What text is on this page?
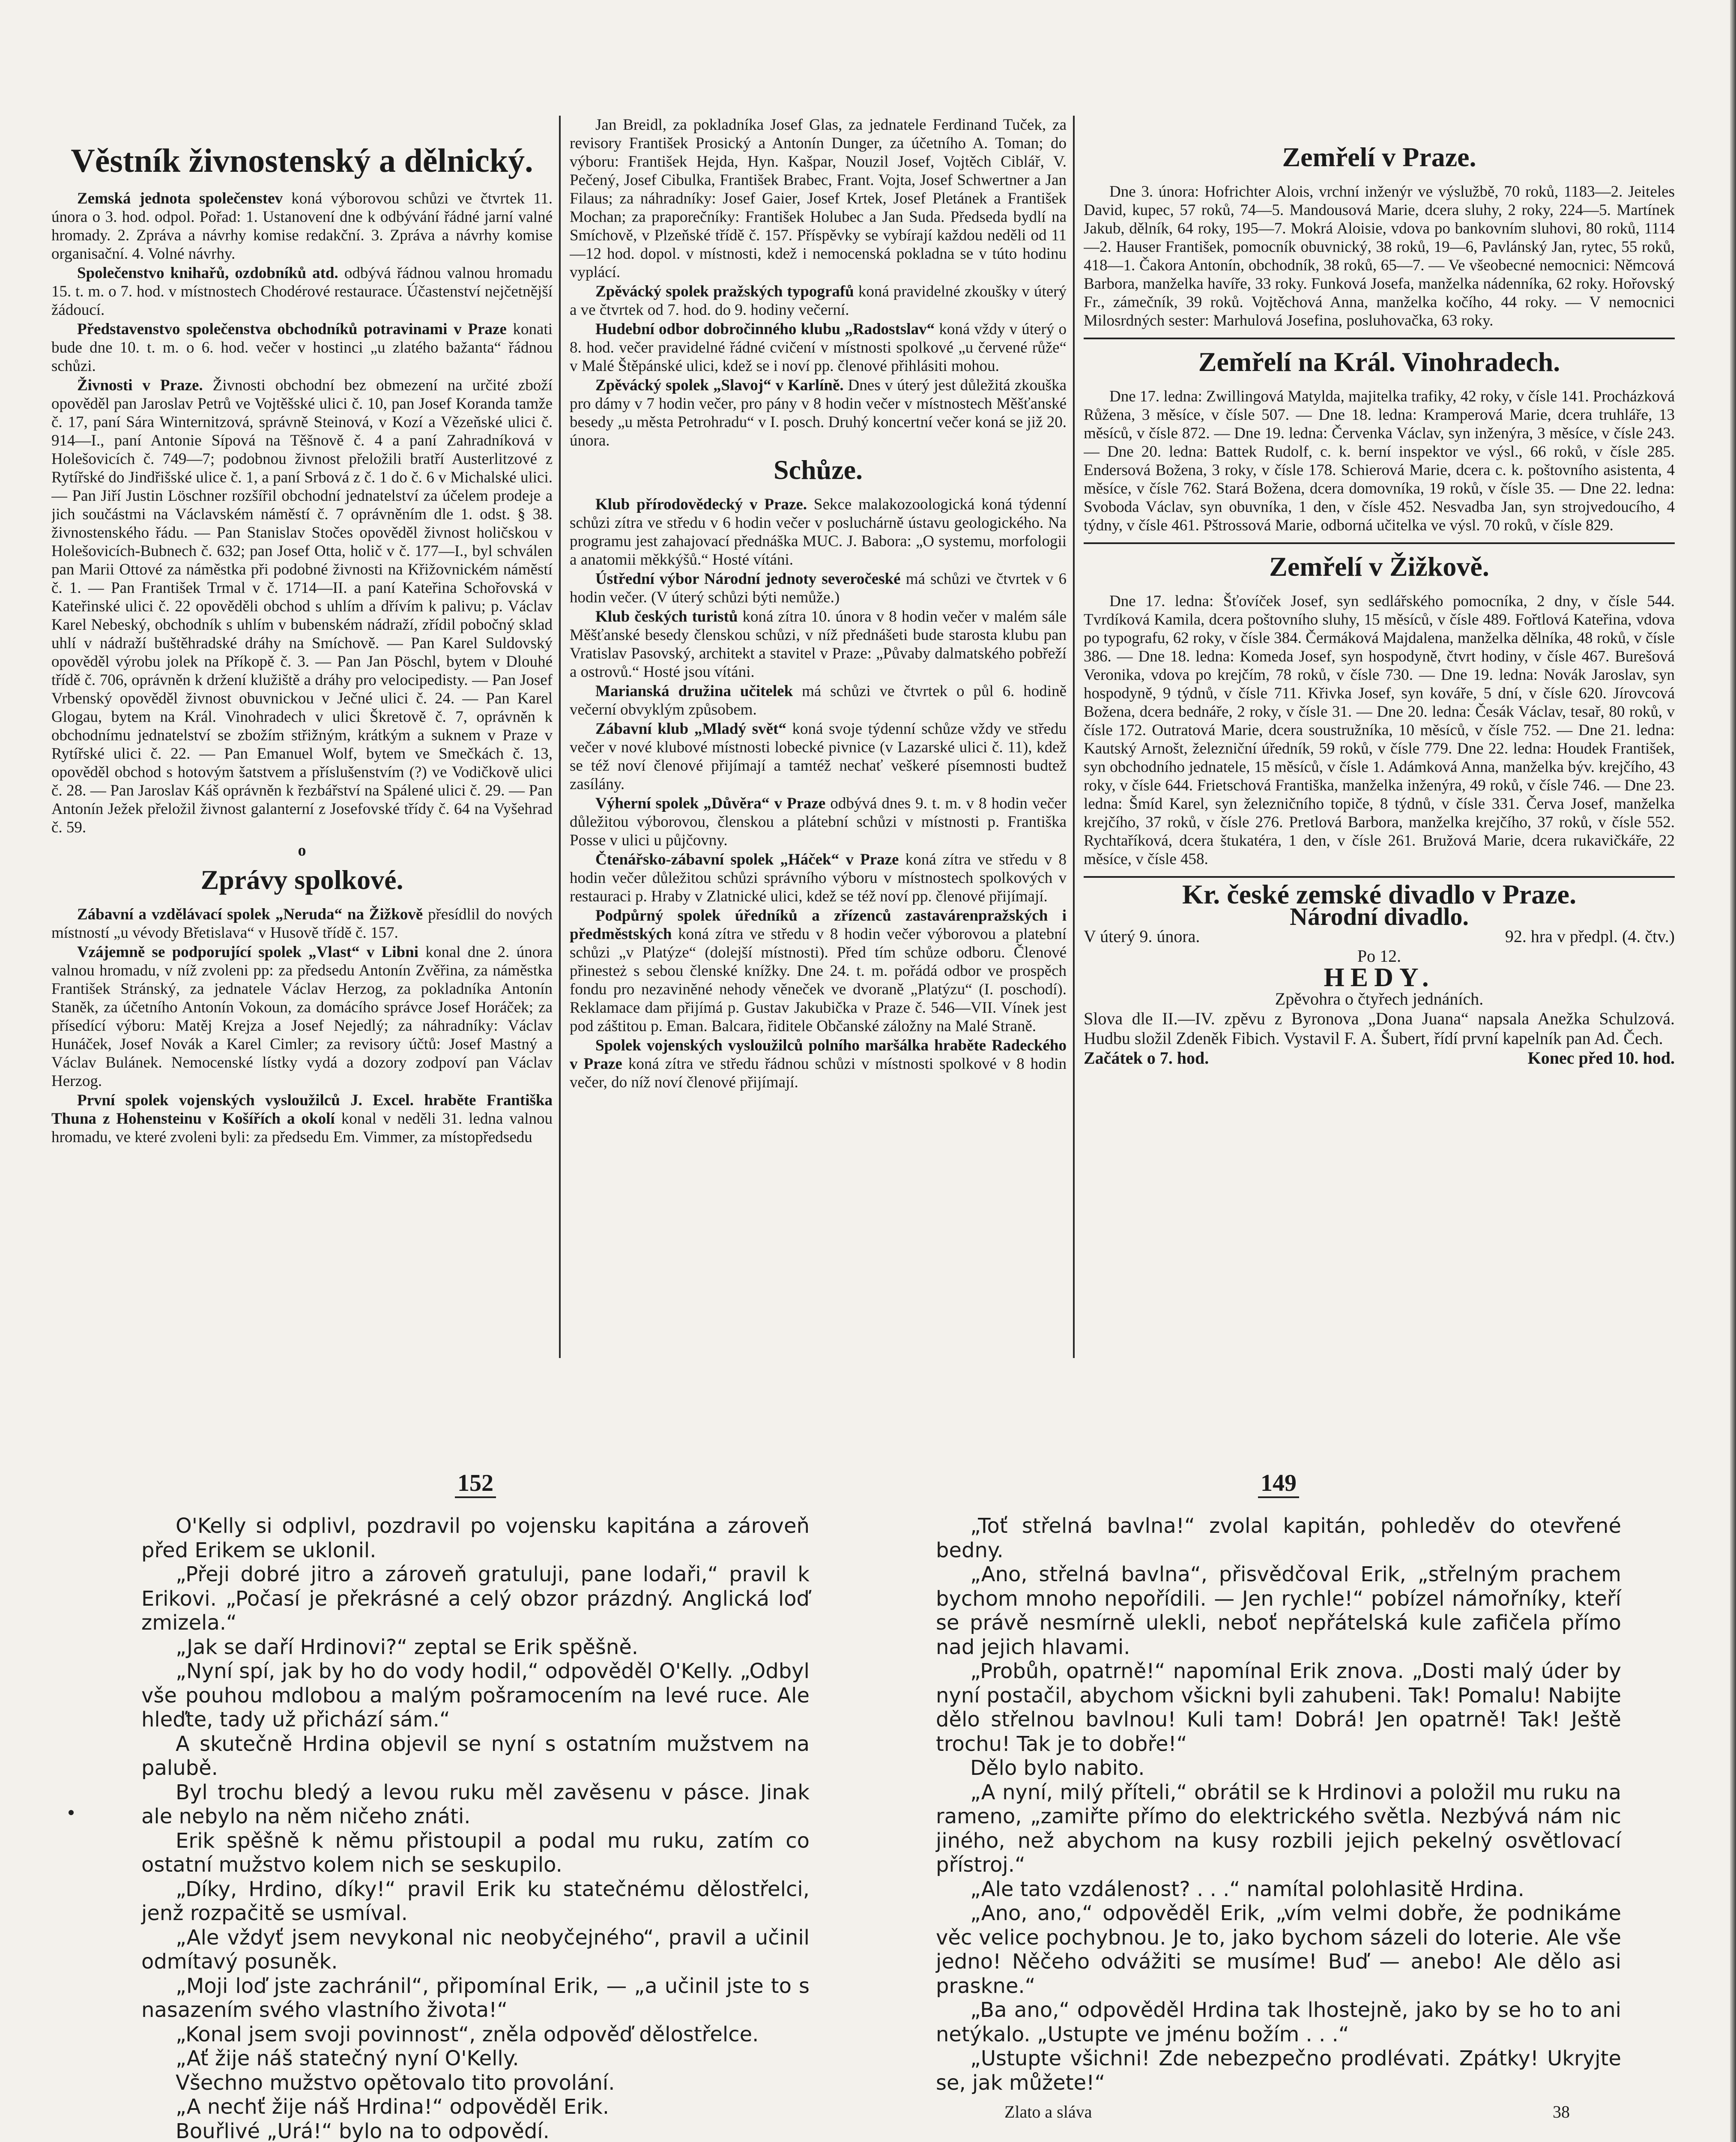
Věstník živnostenský a dělnický.

Zemská jednota společenstev koná výborovou schůzi ve čtvrtek 11. února o 3. hod. odpol. Pořad: 1. Ustanovení dne k odbývání řádné jarní valné hromady. 2. Zpráva a návrhy komise redakční. 3. Zpráva a návrhy komise organisační. 4. Volné návrhy.

Společenstvo knihařů, ozdobníků atd. odbývá řádnou valnou hromadu 15. t. m. o 7. hod. v místnostech Chodérové restaurace. Účastenství nejčetnější žádoucí.

Představenstvo společenstva obchodníků potravinami v Praze konati bude dne 10. t. m. o 6. hod. večer v hostinci „u zlatého bažanta“ řádnou schůzi.

Živnosti v Praze. Živnosti obchodní bez obmezení na určité zboží opověděl pan Jaroslav Petrů ve Vojtěšské ulici č. 10, pan Josef Koranda tamže č. 17, paní Sára Winternitzová, správně Steinová, v Kozí a Vězeňské ulici č. 914—I., paní Antonie Sípová na Těšnově č. 4 a paní Zahradníková v Holešovicích č. 749—7; podobnou živnost přeložili bratří Austerlitzové z Rytířské do Jindřišské ulice č. 1, a paní Srbová z č. 1 do č. 6 v Michalské ulici. — Pan Jiří Justin Löschner rozšířil obchodní jednatelství za účelem prodeje a jich součástmi na Václavském náměstí č. 7 oprávněním dle 1. odst. § 38. živnostenského řádu. — Pan Stanislav Stočes opověděl živnost holičskou v Holešovicích-Bubnech č. 632; pan Josef Otta, holič v č. 177—I., byl schválen pan Marii Ottové za náměstka při podobné živnosti na Křižovnickém náměstí č. 1. — Pan František Trmal v č. 1714—II. a paní Kateřina Schořovská v Kateřinské ulici č. 22 opověděli obchod s uhlím a dřívím k palivu; p. Václav Karel Nebeský, obchodník s uhlím v bubenském nádraží, zřídil pobočný sklad uhlí v nádraží buštěhradské dráhy na Smíchově. — Pan Karel Suldovský opověděl výrobu jolek na Příkopě č. 3. — Pan Jan Pöschl, bytem v Dlouhé třídě č. 706, oprávněn k držení klužiště a dráhy pro velocipedisty. — Pan Josef Vrbenský opověděl živnost obuvnickou v Ječné ulici č. 24. — Pan Karel Glogau, bytem na Král. Vinohradech v ulici Škretově č. 7, oprávněn k obchodnímu jednatelství se zbožím střižným, krátkým a suknem v Praze v Rytířské ulici č. 22. — Pan Emanuel Wolf, bytem ve Smečkách č. 13, opověděl obchod s hotovým šatstvem a příslušenstvím (?) ve Vodičkově ulici č. 28. — Pan Jaroslav Káš oprávněn k řezbářství na Spálené ulici č. 29. — Pan Antonín Ježek přeložil živnost galanterní z Josefovské třídy č. 64 na Vyšehrad č. 59.

o
Zprávy spolkové.

Zábavní a vzdělávací spolek „Neruda“ na Žižkově přesídlil do nových místností „u vévody Břetislava“ v Husově třídě č. 157.

Vzájemně se podporující spolek „Vlast“ v Libni konal dne 2. února valnou hromadu, v níž zvoleni pp: za předsedu Antonín Zvěřina, za náměstka František Stránský, za jednatele Václav Herzog, za pokladníka Antonín Staněk, za účetního Antonín Vokoun, za domácího správce Josef Horáček; za přísedící výboru: Matěj Krejza a Josef Nejedlý; za náhradníky: Václav Hunáček, Josef Novák a Karel Cimler; za revisory účtů: Josef Mastný a Václav Bulánek. Nemocenské lístky vydá a dozory zodpoví pan Václav Herzog.

První spolek vojenských vysloužilců J. Excel. hraběte Františka Thuna z Hohensteinu v Košířích a okolí konal v neděli 31. ledna valnou hromadu, ve které zvoleni byli: za předsedu Em. Vimmer, za místopředsedu

Jan Breidl, za pokladníka Josef Glas, za jednatele Ferdinand Tuček, za revisory František Prosický a Antonín Dunger, za účetního A. Toman; do výboru: František Hejda, Hyn. Kašpar, Nouzil Josef, Vojtěch Ciblář, V. Pečený, Josef Cibulka, František Brabec, Frant. Vojta, Josef Schwertner a Jan Filaus; za náhradníky: Josef Gaier, Josef Krtek, Josef Pletánek a František Mochan; za praporečníky: František Holubec a Jan Suda. Předseda bydlí na Smíchově, v Plzeňské třídě č. 157. Příspěvky se vybírají každou neděli od 11—12 hod. dopol. v místnosti, kdež i nemocenská pokladna se v túto hodinu vyplácí.

Zpěvácký spolek pražských typografů koná pravidelné zkoušky v úterý a ve čtvrtek od 7. hod. do 9. hodiny večerní.

Hudební odbor dobročinného klubu „Radostslav“ koná vždy v úterý o 8. hod. večer pravidelné řádné cvičení v místnosti spolkové „u červené růže“ v Malé Štěpánské ulici, kdež se i noví pp. členové přihlásiti mohou.

Zpěvácký spolek „Slavoj“ v Karlíně. Dnes v úterý jest důležitá zkouška pro dámy v 7 hodin večer, pro pány v 8 hodin večer v místnostech Měšťanské besedy „u města Petrohradu“ v I. posch. Druhý koncertní večer koná se již 20. února.

Schůze.

Klub přírodovědecký v Praze. Sekce malakozoologická koná týdenní schůzi zítra ve středu v 6 hodin večer v posluchárně ústavu geologického. Na programu jest zahajovací přednáška MUC. J. Babora: „O systemu, morfologii a anatomii měkkýšů.“ Hosté vítáni.

Ústřední výbor Národní jednoty severočeské má schůzi ve čtvrtek v 6 hodin večer. (V úterý schůzi býti nemůže.)

Klub českých turistů koná zítra 10. února v 8 hodin večer v malém sále Měšťanské besedy členskou schůzi, v níž přednášeti bude starosta klubu pan Vratislav Pasovský, architekt a stavitel v Praze: „Půvaby dalmatského pobřeží a ostrovů.“ Hosté jsou vítáni.

Marianská družina učitelek má schůzi ve čtvrtek o půl 6. hodině večerní obvyklým způsobem.

Zábavní klub „Mladý svět“ koná svoje týdenní schůze vždy ve středu večer v nové klubové místnosti lobecké pivnice (v Lazarské ulici č. 11), kdež se též noví členové přijímají a tamtéž nechať veškeré písemnosti budtež zasílány.

Výherní spolek „Důvěra“ v Praze odbývá dnes 9. t. m. v 8 hodin večer důležitou výborovou, členskou a plátební schůzi v místnosti p. Františka Posse v ulici u půjčovny.

Čtenářsko-zábavní spolek „Háček“ v Praze koná zítra ve středu v 8 hodin večer důležitou schůzi správního výboru v místnostech spolkových v restauraci p. Hraby v Zlatnické ulici, kdež se též noví pp. členové přijímají.

Podpůrný spolek úředníků a zřízenců zastavárenpražských i předměstských koná zítra ve středu v 8 hodin večer výborovou a platební schůzi „v Platýze“ (dolejší místnosti). Před tím schůze odboru. Členové přinesteż s sebou členské knížky. Dne 24. t. m. pořádá odbor ve prospěch fondu pro nezaviněné nehody věneček ve dvoraně „Platýzu“ (I. poschodí). Reklamace dam přijímá p. Gustav Jakubička v Praze č. 546—VII. Vínek jest pod záštitou p. Eman. Balcara, řiditele Občanské záložny na Malé Straně.

Spolek vojenských vysloužilců polního maršálka hraběte Radeckého v Praze koná zítra ve středu řádnou schůzi v místnosti spolkové v 8 hodin večer, do níž noví členové přijímají.

Zemřelí v Praze.

Dne 3. února: Hofrichter Alois, vrchní inženýr ve výslužbě, 70 roků, 1183—2. Jeiteles David, kupec, 57 roků, 74—5. Mandousová Marie, dcera sluhy, 2 roky, 224—5. Martínek Jakub, dělník, 64 roky, 195—7. Mokrá Aloisie, vdova po bankovním sluhovi, 80 roků, 1114—2. Hauser František, pomocník obuvnický, 38 roků, 19—6, Pavlánský Jan, rytec, 55 roků, 418—1. Čakora Antonín, obchodník, 38 roků, 65—7. — Ve všeobecné nemocnici: Němcová Barbora, manželka havíře, 33 roky. Funková Josefa, manželka nádenníka, 62 roky. Hořovský Fr., zámečník, 39 roků. Vojtěchová Anna, manželka kočího, 44 roky. — V nemocnici Milosrdných sester: Marhulová Josefina, posluhovačka, 63 roky.

Zemřelí na Král. Vinohradech.

Dne 17. ledna: Zwillingová Matylda, majitelka trafiky, 42 roky, v čísle 141. Procházková Růžena, 3 měsíce, v čísle 507. — Dne 18. ledna: Kramperová Marie, dcera truhláře, 13 měsíců, v čísle 872. — Dne 19. ledna: Červenka Václav, syn inženýra, 3 měsíce, v čísle 243. — Dne 20. ledna: Battek Rudolf, c. k. berní inspektor ve výsl., 66 roků, v čísle 285. Endersová Božena, 3 roky, v čísle 178. Schierová Marie, dcera c. k. poštovního asistenta, 4 měsíce, v čísle 762. Stará Božena, dcera domovníka, 19 roků, v čísle 35. — Dne 22. ledna: Svoboda Václav, syn obuvníka, 1 den, v čísle 452. Nesvadba Jan, syn strojvedoucího, 4 týdny, v čísle 461. Pštrossová Marie, odborná učitelka ve výsl. 70 roků, v čísle 829.

Zemřelí v Žižkově.

Dne 17. ledna: Šťovíček Josef, syn sedlářského pomocníka, 2 dny, v čísle 544. Tvrdíková Kamila, dcera poštovního sluhy, 15 měsíců, v čísle 489. Fořtlová Kateřina, vdova po typografu, 62 roky, v čísle 384. Čermáková Majdalena, manželka dělníka, 48 roků, v čísle 386. — Dne 18. ledna: Komeda Josef, syn hospodyně, čtvrt hodiny, v čísle 467. Burešová Veronika, vdova po krejčím, 78 roků, v čísle 730. — Dne 19. ledna: Novák Jaroslav, syn hospodyně, 9 týdnů, v čísle 711. Křivka Josef, syn kováře, 5 dní, v čísle 620. Jírovcová Božena, dcera bednáře, 2 roky, v čísle 31. — Dne 20. ledna: Česák Václav, tesař, 80 roků, v čísle 172. Outratová Marie, dcera soustružníka, 10 měsíců, v čísle 752. — Dne 21. ledna: Kautský Arnošt, železniční úředník, 59 roků, v čísle 779. Dne 22. ledna: Houdek František, syn obchodního jednatele, 15 měsíců, v čísle 1. Adámková Anna, manželka býv. krejčího, 43 roky, v čísle 644. Frietschová Františka, manželka inženýra, 49 roků, v čísle 746. — Dne 23. ledna: Šmíd Karel, syn železničního topiče, 8 týdnů, v čísle 331. Červa Josef, manželka krejčího, 37 roků, v čísle 276. Pretlová Barbora, manželka krejčího, 37 roků, v čísle 552. Rychtaříková, dcera štukatéra, 1 den, v čísle 261. Bružová Marie, dcera rukavičkáře, 22 měsíce, v čísle 458.

Kr. české zemské divadlo v Praze.
Národní divadlo.
V úterý 9. února.	92. hra v předpl. (4. čtv.)
Po 12.
HEDY.
Zpěvohra o čtyřech jednáních.
Slova dle II.—IV. zpěvu z Byronova „Dona Juana“ napsala Anežka Schulzová. Hudbu složil Zdeněk Fibich. Vystavil F. A. Šubert, řídí první kapelník pan Ad. Čech.
Začátek o 7. hod.	Konec před 10. hod.
152

O'Kelly si odplivl, pozdravil po vojensku kapitána a zároveň před Erikem se uklonil.

„Přeji dobré jitro a zároveň gratuluji, pane lodaři,“ pravil k Erikovi. „Počasí je překrásné a celý obzor prázdný. Anglická loď zmizela.“

„Jak se daří Hrdinovi?“ zeptal se Erik spěšně.

„Nyní spí, jak by ho do vody hodil,“ odpověděl O'Kelly. „Odbyl vše pouhou mdlobou a malým pošramocením na levé ruce. Ale hleďte, tady už přichází sám.“

A skutečně Hrdina objevil se nyní s ostatním mužstvem na palubě.

Byl trochu bledý a levou ruku měl zavěsenu v pásce. Jinak ale nebylo na něm ničeho znáti.

Erik spěšně k němu přistoupil a podal mu ruku, zatím co ostatní mužstvo kolem nich se seskupilo.

„Díky, Hrdino, díky!“ pravil Erik ku statečnému dělostřelci, jenž rozpačitě se usmíval.

„Ale vždyť jsem nevykonal nic neobyčejného“, pravil a učinil odmítavý posuněk.

„Moji loď jste zachránil“, připomínal Erik, — „a učinil jste to s nasazením svého vlastního života!“

„Konal jsem svoji povinnost“, zněla odpověď dělostřelce.

„Ať žije náš statečný nyní O'Kelly.

Všechno mužstvo opětovalo tito provolání.

„A nechť žije náš Hrdina!“ odpověděl Erik.

Bouřlivé „Urá!“ bylo na to odpovědí.

149

„Toť střelná bavlna!“ zvolal kapitán, pohleděv do otevřené bedny.

„Ano, střelná bavlna“, přisvědčoval Erik, „střelným prachem bychom mnoho nepořídili. — Jen rychle!“ pobízel námořníky, kteří se právě nesmírně ulekli, neboť nepřátelská kule zafičela přímo nad jejich hlavami.

„Probůh, opatrně!“ napomínal Erik znova. „Dosti malý úder by nyní postačil, abychom všickni byli zahubeni. Tak! Pomalu! Nabijte dělo střelnou bavlnou! Kuli tam! Dobrá! Jen opatrně! Tak! Ještě trochu! Tak je to dobře!“

Dělo bylo nabito.

„A nyní, milý příteli,“ obrátil se k Hrdinovi a položil mu ruku na rameno, „zamiřte přímo do elektrického světla. Nezbývá nám nic jiného, než abychom na kusy rozbili jejich pekelný osvětlovací přístroj.“

„Ale tato vzdálenost? . . .“ namítal polohlasitě Hrdina.

„Ano, ano,“ odpověděl Erik, „vím velmi dobře, že podnikáme věc velice pochybnou. Je to, jako bychom sázeli do loterie. Ale vše jedno! Něčeho odvážiti se musíme! Buď — anebo! Ale dělo asi praskne.“

„Ba ano,“ odpověděl Hrdina tak lhostejně, jako by se ho to ani netýkalo. „Ustupte ve jménu božím . . .“

„Ustupte všichni! Zde nebezpečno prodlévati. Zpátky! Ukryjte se, jak můžete!“

Zlato a sláva	38
